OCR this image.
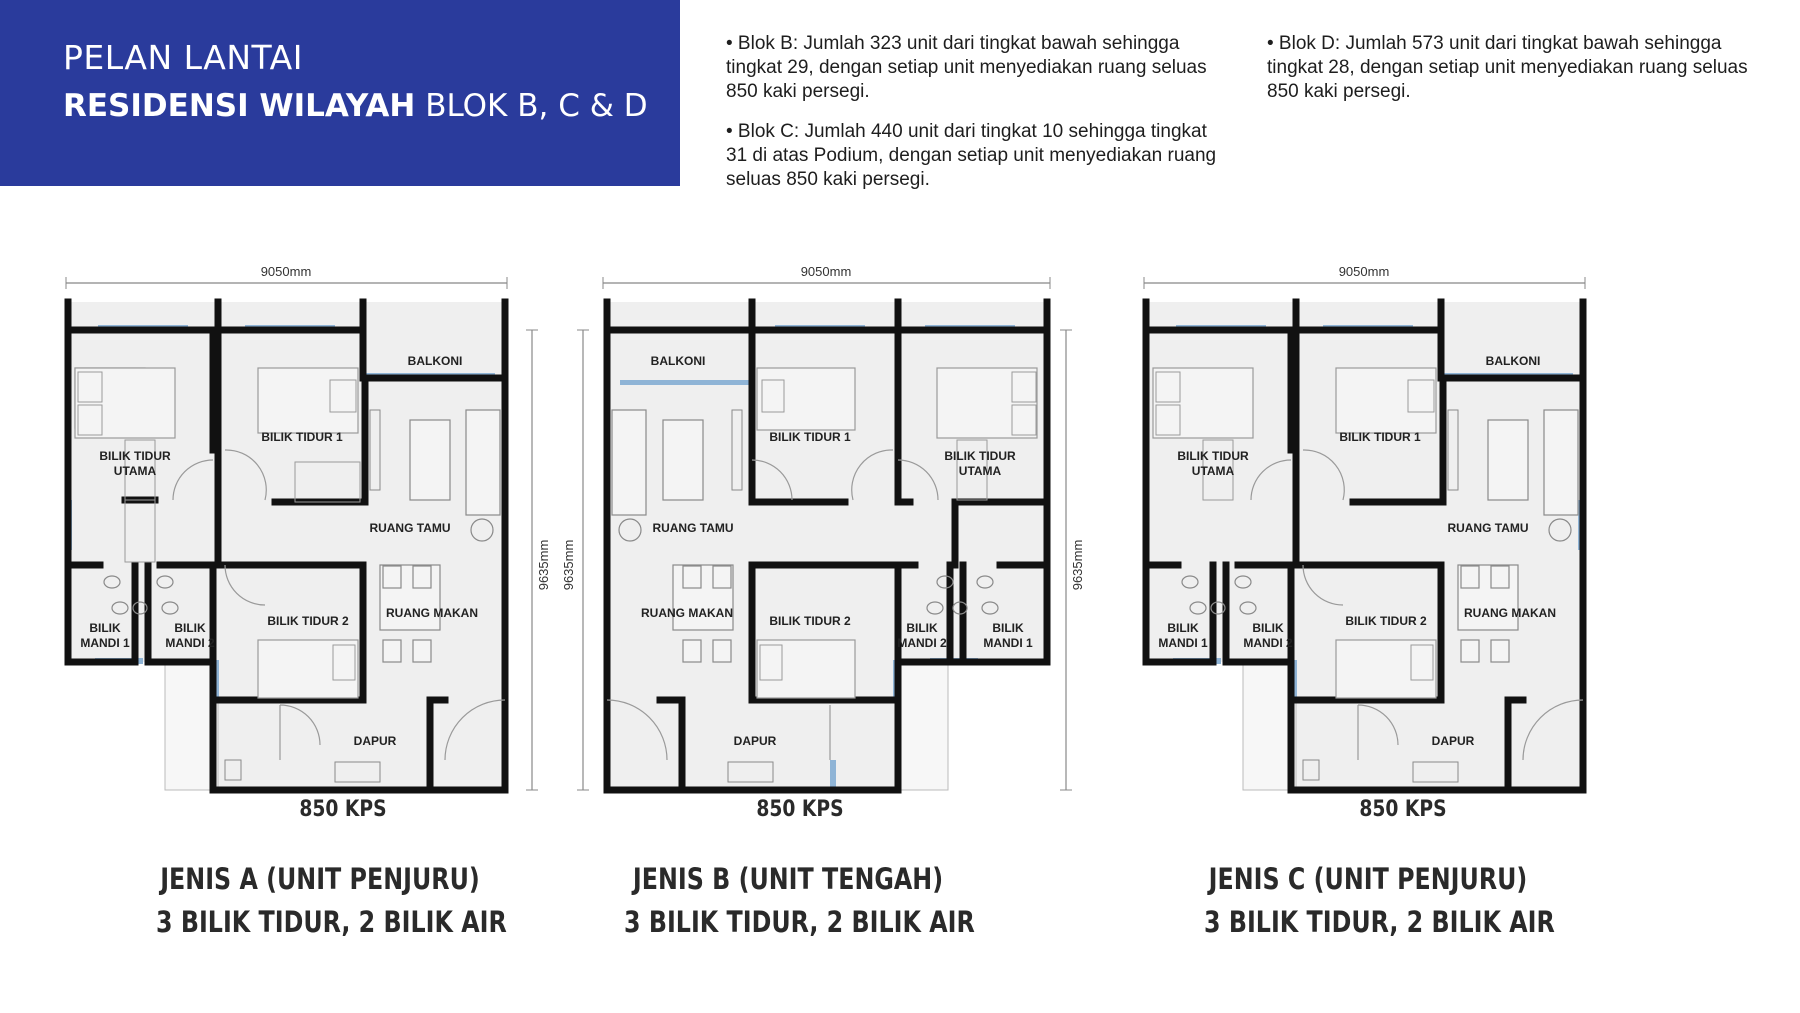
PELAN LANTAI
RESIDENSI WILAYAH BLOK B, C & D

• Blok B: Jumlah 323 unit dari tingkat bawah sehingga tingkat 29, dengan setiap unit menyediakan ruang seluas 850 kaki persegi.

• Blok C: Jumlah 440 unit dari tingkat 10 sehingga tingkat 31 di atas Podium, dengan setiap unit menyediakan ruang seluas 850 kaki persegi.

• Blok D: Jumlah 573 unit dari tingkat bawah sehingga tingkat 28, dengan setiap unit menyediakan ruang seluas 850 kaki persegi.

9050mm
9635mm
BALKONI
BILIK TIDUR
UTAMA
BILIK TIDUR 1
RUANG TAMU
RUANG MAKAN
BILIK TIDUR 2
DAPUR
BILIK
MANDI 1
BILIK
MANDI 2
9050mm
9635mm	9635mm
BALKONI
BILIK TIDUR 1
BILIK TIDUR
UTAMA
RUANG TAMU
RUANG MAKAN
BILIK TIDUR 2
DAPUR
BILIK
MANDI 2
BILIK
MANDI 1
9050mm
BALKONI
BILIK TIDUR
UTAMA
BILIK TIDUR 1
RUANG TAMU
RUANG MAKAN
BILIK TIDUR 2
DAPUR
BILIK
MANDI 1
BILIK
MANDI 2
850 KPS	850 KPS	850 KPS
JENIS A (UNIT PENJURU)
3 BILIK TIDUR, 2 BILIK AIR
JENIS B (UNIT TENGAH)
3 BILIK TIDUR, 2 BILIK AIR
JENIS C (UNIT PENJURU)
3 BILIK TIDUR, 2 BILIK AIR
